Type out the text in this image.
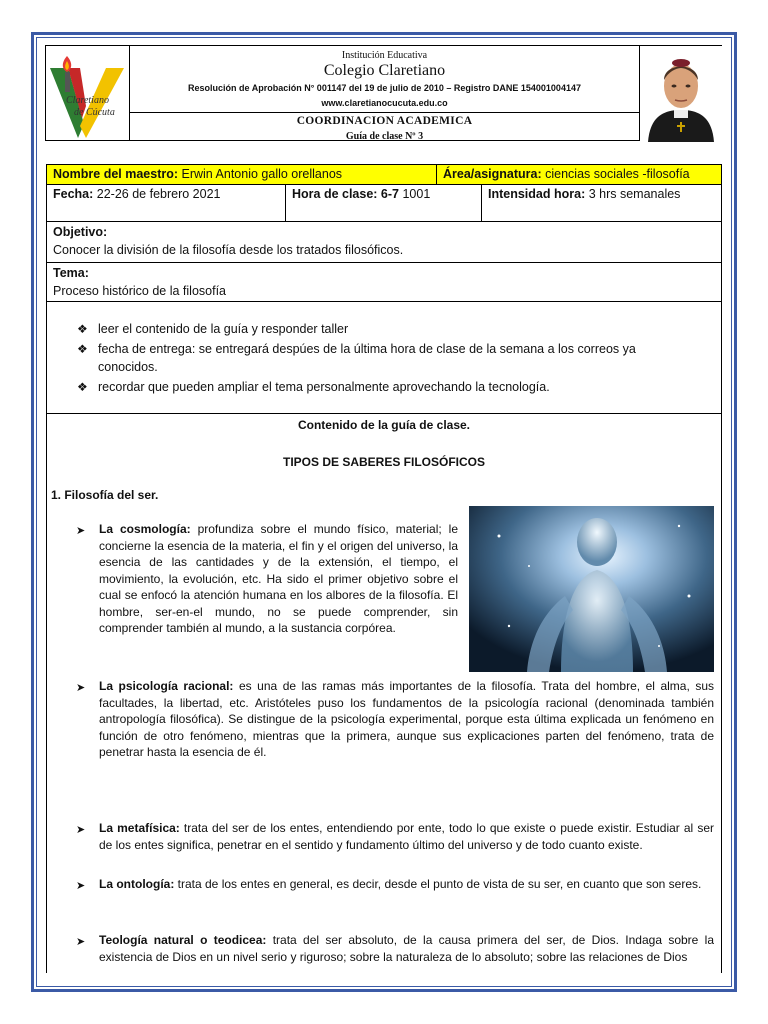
Claretiano
de Cúcuta
Institución Educativa
Colegio Claretiano
Resolución de Aprobación N° 001147 del 19 de julio de 2010 – Registro DANE 154001004147
www.claretianocucuta.edu.co
COORDINACION ACADEMICA
Guía de clase Nº 3
Nombre del maestro: Erwin Antonio gallo orellanos	Área/asignatura: ciencias sociales -filosofía
Fecha: 22-26 de febrero 2021	Hora de clase: 6-7 1001	Intensidad hora: 3 hrs semanales
Objetivo:
Conocer la división de la filosofía desde los tratados filosóficos.
Tema:
Proceso histórico de la filosofía
❖ leer el contenido de la guía y responder taller
❖ fecha de entrega: se entregará despúes de la última hora de clase de la semana a los correos ya
conocidos.
❖ recordar que pueden ampliar el tema personalmente aprovechando la tecnología.
Contenido de la guía de clase.
TIPOS DE SABERES FILOSÓFICOS
1. Filosofía del ser.
➤ La cosmología: profundiza sobre el mundo físico, material; le concierne la esencia de la materia, el fin y el origen del universo, la esencia de las cantidades y de la extensión, el tiempo, el movimiento, la evolución, etc. Ha sido el primer objetivo sobre el cual se enfocó la atención humana en los albores de la filosofía. El hombre, ser-en-el mundo, no se puede comprender, sin comprender también al mundo, a la sustancia corpórea.
➤ La psicología racional: es una de las ramas más importantes de la filosofía. Trata del hombre, el alma, sus facultades, la libertad, etc. Aristóteles puso los fundamentos de la psicología racional (denominada también antropología filosófica). Se distingue de la psicología experimental, porque esta última explicada un fenómeno en función de otro fenómeno, mientras que la primera, aunque sus explicaciones parten del fenómeno, trata de penetrar hasta la esencia de él.
➤ La metafísica: trata del ser de los entes, entendiendo por ente, todo lo que existe o puede existir. Estudiar al ser de los entes significa, penetrar en el sentido y fundamento último del universo y de todo cuanto existe.
➤ La ontología: trata de los entes en general, es decir, desde el punto de vista de su ser, en cuanto que son seres.
➤ Teología natural o teodicea: trata del ser absoluto, de la causa primera del ser, de Dios. Indaga sobre la existencia de Dios en un nivel serio y riguroso; sobre la naturaleza de lo absoluto; sobre las relaciones de Dios
